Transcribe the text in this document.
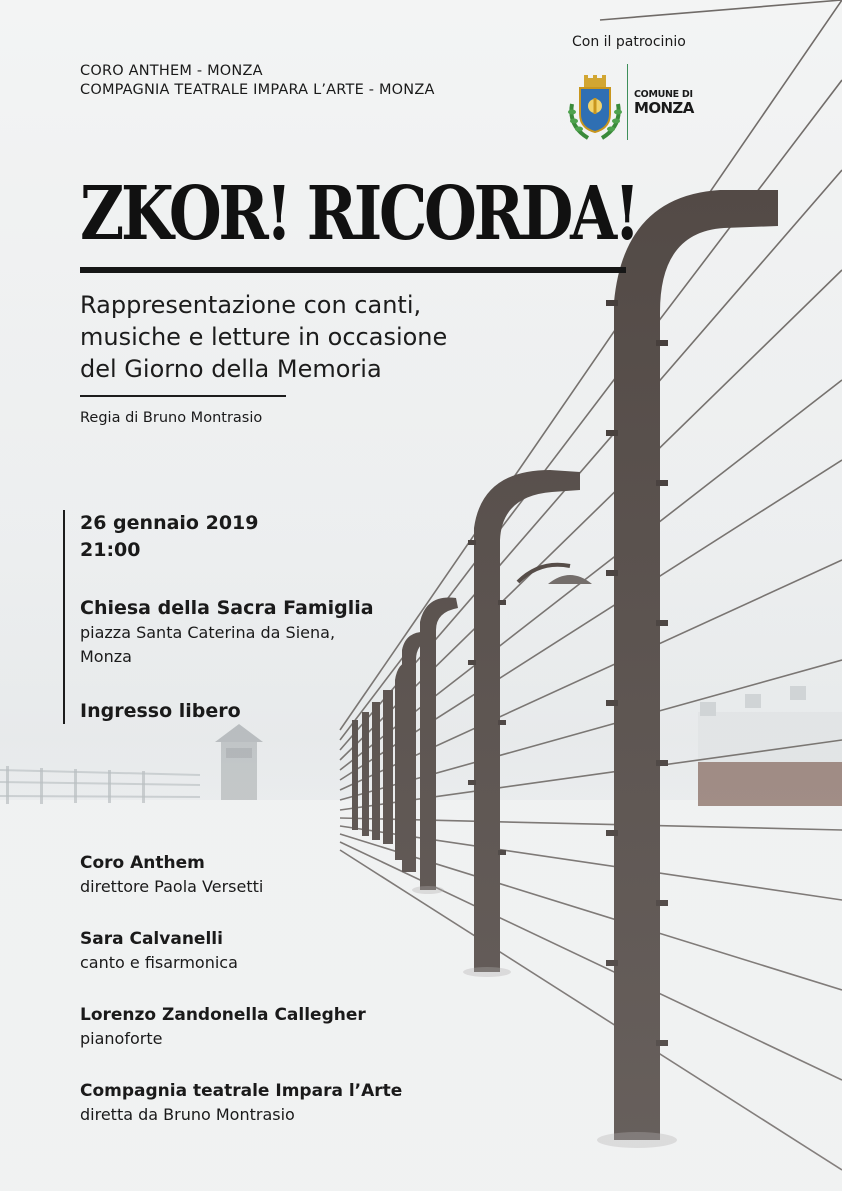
CORO ANTHEM - MONZA
COMPAGNIA TEATRALE IMPARA L’ARTE - MONZA
Con il patrocinio
COMUNE DI
MONZA
ZKOR! RICORDA!
Rappresentazione con canti,
musiche e letture in occasione
del Giorno della Memoria
Regia di Bruno Montrasio
26 gennaio 2019
21:00
Chiesa della Sacra Famiglia
piazza Santa Caterina da Siena,
Monza
Ingresso libero
Coro Anthem
direttore Paola Versetti
Sara Calvanelli
canto e fisarmonica
Lorenzo Zandonella Callegher
pianoforte
Compagnia teatrale Impara l’Arte
diretta da Bruno Montrasio
